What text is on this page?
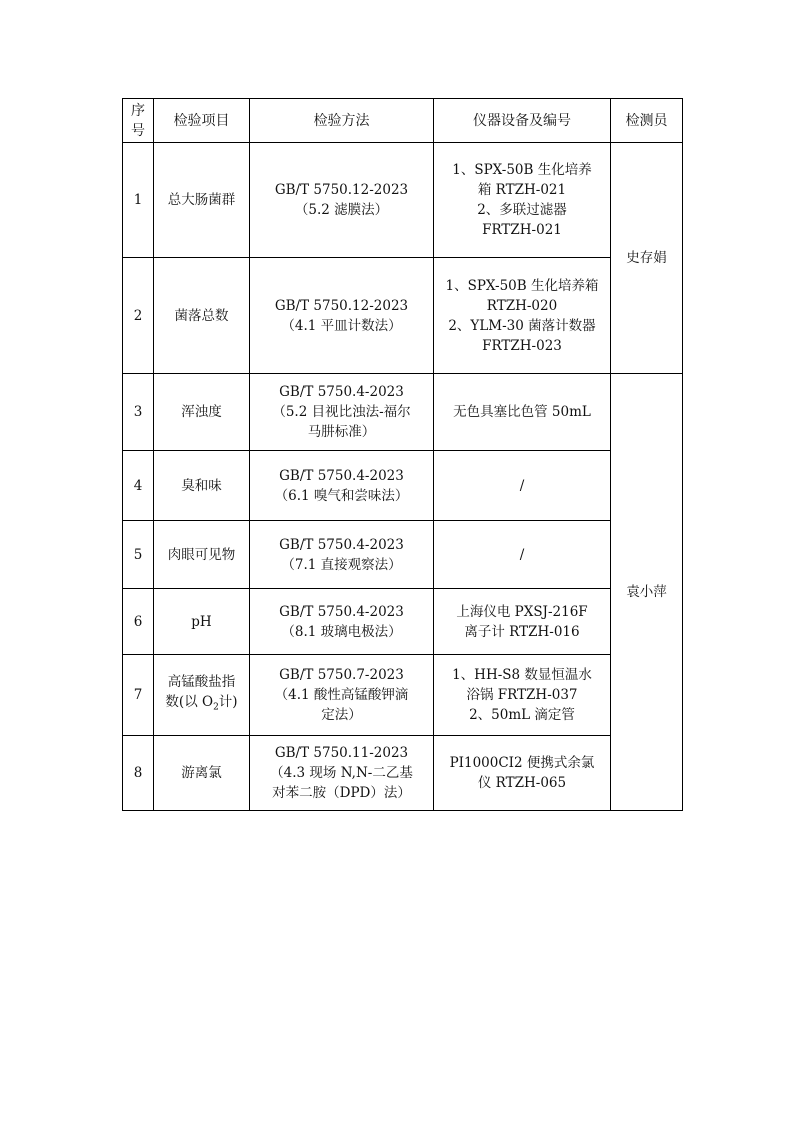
序
号	检验项目	检验方法	仪器设备及编号	检测员
1	总大肠菌群	GB/T 5750.12-2023
（5.2 滤膜法）	1、SPX-50B 生化培养
箱 RTZH-021
2、多联过滤器
FRTZH-021	史存娟
2	菌落总数	GB/T 5750.12-2023
（4.1 平皿计数法）	1、SPX-50B 生化培养箱
RTZH-020
2、YLM-30 菌落计数器
FRTZH-023	

3	浑浊度	GB/T 5750.4-2023
（5.2 目视比浊法-福尔
马肼标准）	无色具塞比色管 50mL	袁小萍
4	臭和味	GB/T 5750.4-2023
（6.1 嗅气和尝味法）	/	

5	肉眼可见物	GB/T 5750.4-2023
（7.1 直接观察法）	/	

6	pH	GB/T 5750.4-2023
（8.1 玻璃电极法）	上海仪电 PXSJ-216F
离子计 RTZH-016	

7	高锰酸盐指
数(以 $O_2$计)	GB/T 5750.7-2023
（4.1 酸性高锰酸钾滴
定法）	1、HH-S8 数显恒温水
浴锅 FRTZH-037
2、50mL 滴定管	

8	游离氯	GB/T 5750.11-2023
（4.3 现场 N,N-二乙基
对苯二胺（DPD）法）	PI1000CI2 便携式余氯
仪 RTZH-065	
